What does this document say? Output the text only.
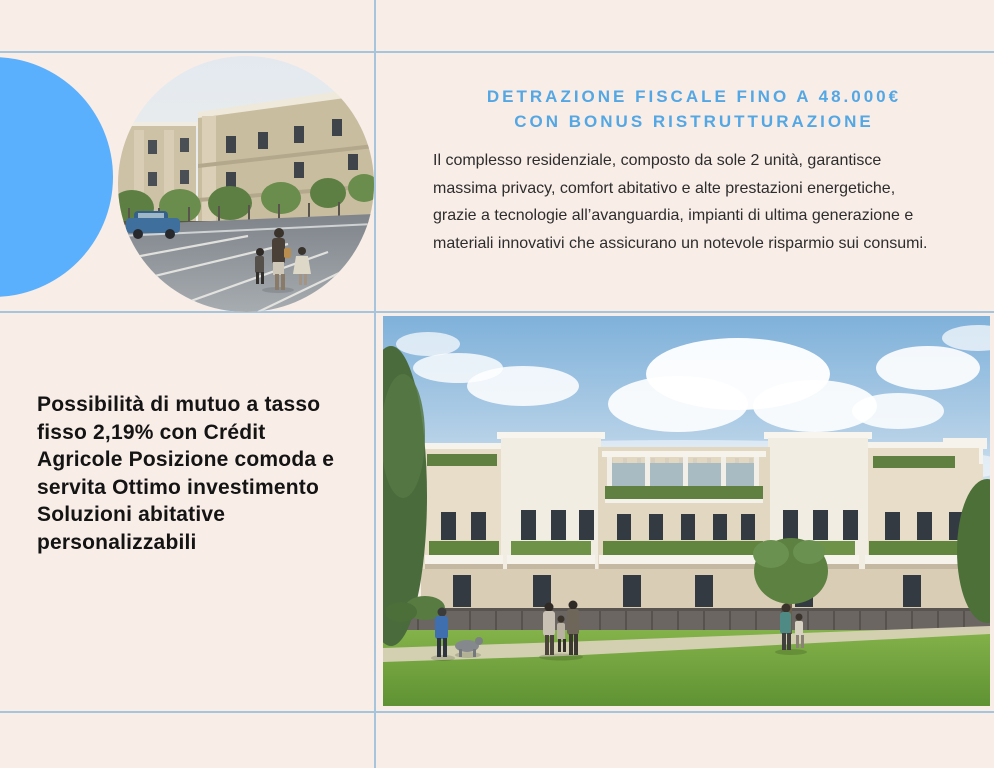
DETRAZIONE FISCALE FINO A 48.000€
CON BONUS RISTRUTTURAZIONE
Il complesso residenziale, composto da sole 2 unità, garantisce
massima privacy, comfort abitativo e alte prestazioni energetiche,
grazie a tecnologie all’avanguardia, impianti di ultima generazione e
materiali innovativi che assicurano un notevole risparmio sui consumi.
Possibilità di mutuo a tasso
fisso 2,19% con Crédit
Agricole Posizione comoda e
servita Ottimo investimento
Soluzioni abitative
personalizzabili
